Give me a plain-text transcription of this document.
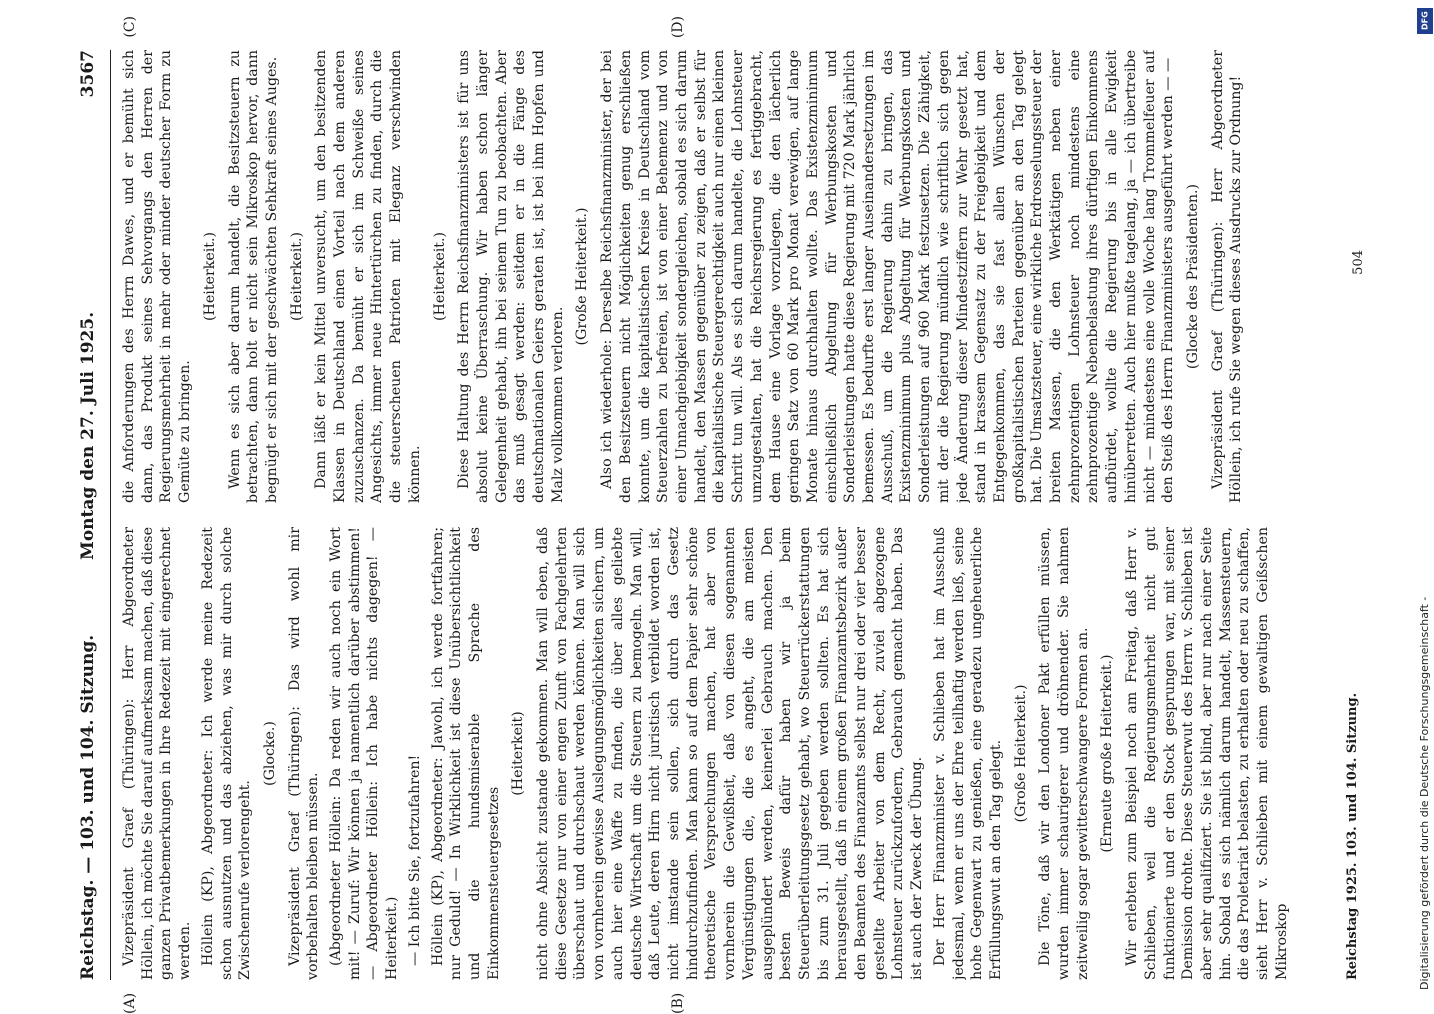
Reichstag. — 103. und 104. Sitzung.
Montag den 27. Juli 1925.
3567
(A)	(B)
(C)	(D)

Vizepräsident Graef (Thüringen): Herr Abgeordneter Höllein, ich möchte Sie darauf aufmerksam machen, daß diese ganzen Privatbemerkungen in Ihre Redezeit mit eingerechnet werden. Höllein (KP), Abgeordneter: Ich werde meine Redezeit schon ausnutzen und das abziehen, was mir durch solche Zwischenrufe verlorengeht.

(Glocke.) Vizepräsident Graef (Thüringen): Das wird wohl mir vorbehalten bleiben müssen. (Abgeordneter Höllein: Da reden wir auch noch ein Wort mit! — Zuruf: Wir können ja namentlich darüber abstimmen! — Abgeordneter Höllein: Ich habe nichts dagegen! — Heiterkeit.) — Ich bitte Sie, fortzufahren! Höllein (KP), Abgeordneter: Jawohl, ich werde fortfahren; nur Geduld! — In Wirklichkeit ist diese Unübersichtlichkeit und die hundsmiserable Sprache des Einkommensteuergesetzes

(Heiterkeit) nicht ohne Absicht zustande gekommen. Man will eben, daß diese Gesetze nur von einer engen Zunft von Fachgelehrten überschaut und durchschaut werden können. Man will sich von vornherein gewisse Auslegungsmöglichkeiten sichern, um auch hier eine Waffe zu finden, die über alles geliebte deutsche Wirtschaft um die Steuern zu bemogeln. Man will, daß Leute, deren Hirn nicht juristisch verbildet worden ist, nicht imstande sein sollen, sich durch das Gesetz hindurchzufinden. Man kann so auf dem Papier sehr schöne theoretische Versprechungen machen, hat aber von vornherein die Gewißheit, daß von diesen sogenannten Vergünstigungen die, die es angeht, die am meisten ausgeplündert werden, keinerlei Gebrauch machen. Den besten Beweis dafür haben wir ja beim Steuerüberleitungsgesetz gehabt, wo Steuerrückerstattungen bis zum 31. Juli gegeben werden sollten. Es hat sich herausgestellt, daß in einem großen Finanzamtsbezirk außer den Beamten des Finanzamts selbst nur drei oder vier besser gestellte Arbeiter von dem Recht, zuviel abgezogene Lohnsteuer zurückzufordern, Gebrauch gemacht haben. Das ist auch der Zweck der Übung. Der Herr Finanzminister v. Schlieben hat im Ausschuß jedesmal, wenn er uns der Ehre teilhaftig werden ließ, seine hohe Gegenwart zu genießen, eine geradezu ungeheuerliche Erfüllungswut an den Tag gelegt. (Große Heiterkeit.) Die Töne, daß wir den Londoner Pakt erfüllen müssen, wurden immer schaurigerer und dröhnender. Sie nahmen zeitweilig sogar gewitterschwangere Formen an. (Erneute große Heiterkeit.) Wir erlebten zum Beispiel noch am Freitag, daß Herr v. Schlieben, weil die Regierungsmehrheit nicht gut funktionierte und er den Stock gesprungen war, mit seiner Demission drohte. Diese Steuerwut des Herrn v. Schlieben ist aber sehr qualifiziert. Sie ist blind, aber nur nach einer Seite hin. Sobald es sich nämlich darum handelt, Massensteuern, die das Proletariat belasten, zu erhalten oder neu zu schaffen, sieht Herr v. Schlieben mit einem gewaltigen Geißschen Mikroskop

die Anforderungen des Herrn Dawes, und er bemüht sich dann, das Produkt seines Sehvorgangs den Herren der Regierungsmehrheit in mehr oder minder deutscher Form zu Gemüte zu bringen.

(Heiterkeit.) Wenn es sich aber darum handelt, die Besitzsteuern zu betrachten, dann holt er nicht sein Mikroskop hervor, dann begnügt er sich mit der geschwächten Sehkraft seines Auges. (Heiterkeit.) Dann läßt er kein Mittel unversucht, um den besitzenden Klassen in Deutschland einen Vorteil nach dem anderen zuzuschanzen. Da bemüht er sich im Schweiße seines Angesichts, immer neue Hintertürchen zu finden, durch die die steuerscheuen Patrioten mit Eleganz verschwinden können.

(Heiterkeit.) Diese Haltung des Herrn Reichsfinanzministers ist für uns absolut keine Überraschung. Wir haben schon länger Gelegenheit gehabt, ihn bei seinem Tun zu beobachten. Aber das muß gesagt werden: seitdem er in die Fänge des deutschnationalen Geiers geraten ist, ist bei ihm Hopfen und Malz vollkommen verloren.

(Große Heiterkeit.) Also ich wiederhole: Derselbe Reichsfinanzminister, der bei den Besitzsteuern nicht Möglichkeiten genug erschließen konnte, um die kapitalistischen Kreise in Deutschland vom Steuerzahlen zu befreien, ist von einer Behemenz und von einer Unnachgiebigkeit sondergleichen, sobald es sich darum handelt, den Massen gegenüber zu zeigen, daß er selbst für die kapitalistische Steuergerechtigkeit auch nur einen kleinen Schritt tun will. Als es sich darum handelte, die Lohnsteuer umzugestalten, hat die Reichsregierung es fertiggebracht, dem Hause eine Vorlage vorzulegen, die den lächerlich geringen Satz von 60 Mark pro Monat verewigen, auf lange Monate hinaus durchhalten wollte. Das Existenzminimum einschließlich Abgeltung für Werbungskosten und Sonderleistungen hatte diese Regierung mit 720 Mark jährlich bemessen. Es bedurfte erst langer Auseinandersetzungen im Ausschuß, um die Regierung dahin zu bringen, das Existenzminimum plus Abgeltung für Werbungskosten und Sonderleistungen auf 960 Mark festzusetzen. Die Zähigkeit, mit der die Regierung mündlich wie schriftlich sich gegen jede Änderung dieser Mindestziffern zur Wehr gesetzt hat, stand in krassem Gegensatz zu der Freigebigkeit und dem Entgegenkommen, das sie fast allen Wünschen der großkapitalistischen Parteien gegenüber an den Tag gelegt hat. Die Umsatzsteuer, eine wirkliche Erdrosselungssteuer der breiten Massen, die den Werktätigen neben einer zehnprozentigen Lohnsteuer noch mindestens eine zehnprozentige Nebenbelastung ihres dürftigen Einkommens aufbürdet, wollte die Regierung bis in alle Ewigkeit hinüberretten. Auch hier mußte tagelang, ja — ich übertreibe nicht — mindestens eine volle Woche lang Trommelfeuer auf den Steiß des Herrn Finanzministers ausgeführt werden — — (Glocke des Präsidenten.) Vizepräsident Graef (Thüringen): Herr Abgeordneter Höllein, ich rufe Sie wegen dieses Ausdrucks zur Ordnung!

Reichstag 1925. 103. und 104. Sitzung.
504
Digitalisierung gefördert durch die Deutsche Forschungsgemeinschaft -
DFG
